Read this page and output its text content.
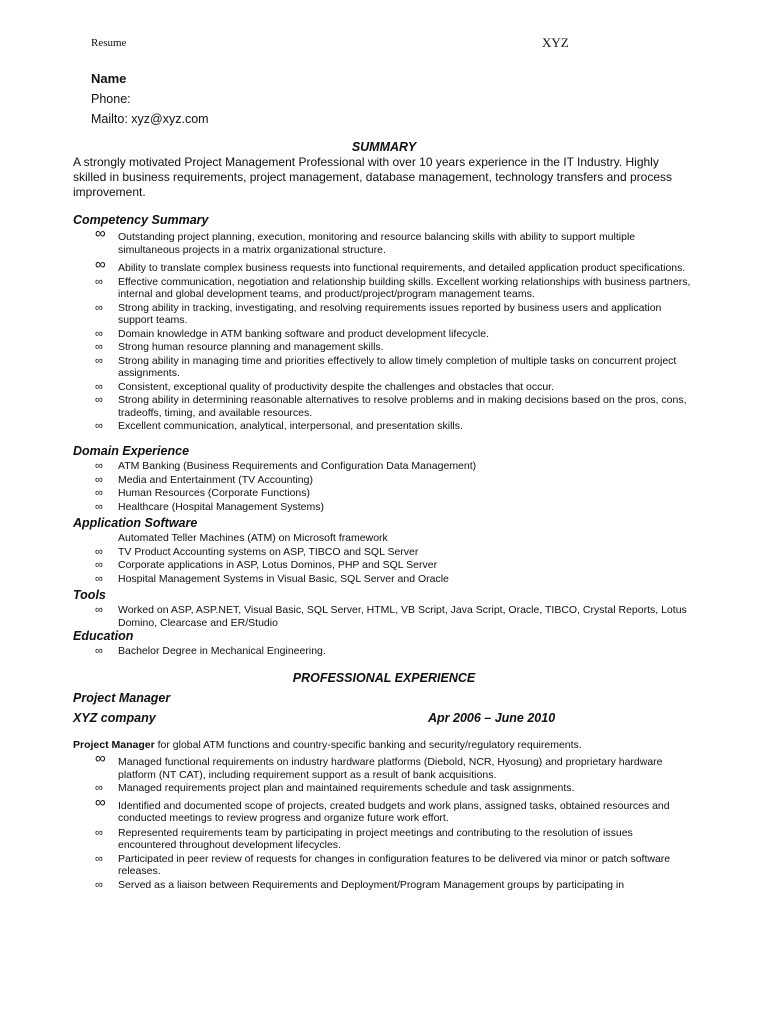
Resume	XYZ
Name
Phone:
Mailto: xyz@xyz.com
SUMMARY
A strongly motivated Project Management Professional with over 10 years experience in the IT Industry. Highly skilled in business requirements, project management, database management, technology transfers and process improvement.
Competency Summary
∞ Outstanding project planning, execution, monitoring and resource balancing skills with ability to support multiple simultaneous projects in a matrix organizational structure.
∞ Ability to translate complex business requests into functional requirements, and detailed application product specifications.
∞ Effective communication, negotiation and relationship building skills. Excellent working relationships with business partners, internal and global development teams, and product/project/program management teams.
∞ Strong ability in tracking, investigating, and resolving requirements issues reported by business users and application support teams.
∞ Domain knowledge in ATM banking software and product development lifecycle.
∞ Strong human resource planning and management skills.
∞ Strong ability in managing time and priorities effectively to allow timely completion of multiple tasks on concurrent project assignments.
∞ Consistent, exceptional quality of productivity despite the challenges and obstacles that occur.
∞ Strong ability in determining reasonable alternatives to resolve problems and in making decisions based on the pros, cons, tradeoffs, timing, and available resources.
∞ Excellent communication, analytical, interpersonal, and presentation skills.
Domain Experience
∞ ATM Banking (Business Requirements and Configuration Data Management)
∞ Media and Entertainment (TV Accounting)
∞ Human Resources (Corporate Functions)
∞ Healthcare (Hospital Management Systems)
Application Software
Automated Teller Machines (ATM) on Microsoft framework
∞ TV Product Accounting systems on ASP, TIBCO and SQL Server
∞ Corporate applications in ASP, Lotus Dominos, PHP and SQL Server
∞ Hospital Management Systems in Visual Basic, SQL Server and Oracle
Tools
∞ Worked on ASP, ASP.NET, Visual Basic, SQL Server, HTML, VB Script, Java Script, Oracle, TIBCO, Crystal Reports, Lotus Domino, Clearcase and ER/Studio
Education
∞ Bachelor Degree in Mechanical Engineering.
PROFESSIONAL EXPERIENCE
Project Manager
XYZ company	Apr 2006 – June 2010
Project Manager for global ATM functions and country-specific banking and security/regulatory requirements.
∞ Managed functional requirements on industry hardware platforms (Diebold, NCR, Hyosung) and proprietary hardware platform (NT CAT), including requirement support as a result of bank acquisitions.
∞ Managed requirements project plan and maintained requirements schedule and task assignments.
∞ Identified and documented scope of projects, created budgets and work plans, assigned tasks, obtained resources and conducted meetings to review progress and organize future work effort.
∞ Represented requirements team by participating in project meetings and contributing to the resolution of issues encountered throughout development lifecycles.
∞ Participated in peer review of requests for changes in configuration features to be delivered via minor or patch software releases.
∞ Served as a liaison between Requirements and Deployment/Program Management groups by participating in
